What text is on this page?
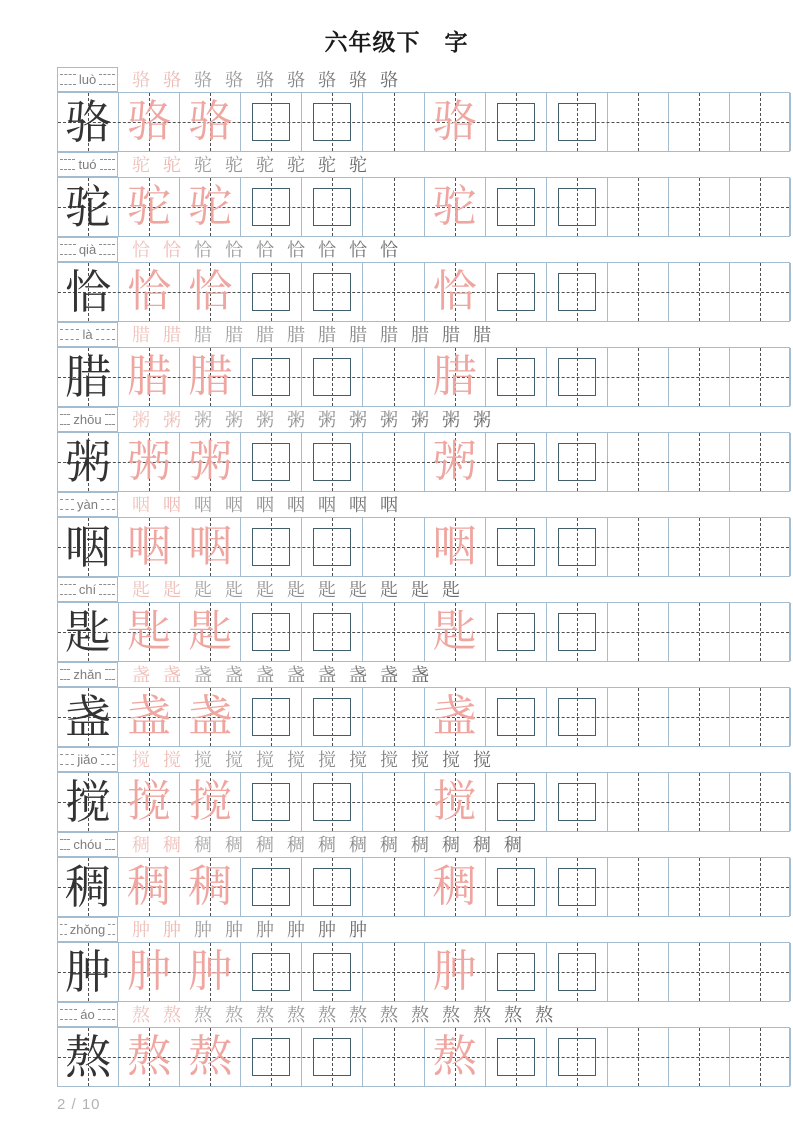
六年级下　字
luò 骆 骆 骆 骆 骆 骆 骆 骆 骆
骆 骆 骆	骆
tuó 驼 驼 驼 驼 驼 驼 驼 驼
驼 驼 驼	驼
qià 恰 恰 恰 恰 恰 恰 恰 恰 恰
恰 恰 恰	恰
là 腊 腊 腊 腊 腊 腊 腊 腊 腊 腊 腊 腊
腊 腊 腊	腊
zhōu 粥 粥 粥 粥 粥 粥 粥 粥 粥 粥 粥 粥
粥 粥 粥	粥
yàn 咽 咽 咽 咽 咽 咽 咽 咽 咽
咽 咽 咽	咽
chí 匙 匙 匙 匙 匙 匙 匙 匙 匙 匙 匙
匙 匙 匙	匙
zhǎn 盏 盏 盏 盏 盏 盏 盏 盏 盏 盏
盏 盏 盏	盏
jiǎo 搅 搅 搅 搅 搅 搅 搅 搅 搅 搅 搅 搅
搅 搅 搅	搅
chóu 稠 稠 稠 稠 稠 稠 稠 稠 稠 稠 稠 稠 稠
稠 稠 稠	稠
zhǒng 肿 肿 肿 肿 肿 肿 肿 肿
肿 肿 肿	肿
áo 熬 熬 熬 熬 熬 熬 熬 熬 熬 熬 熬 熬 熬 熬
熬 熬 熬	熬
2 / 10
